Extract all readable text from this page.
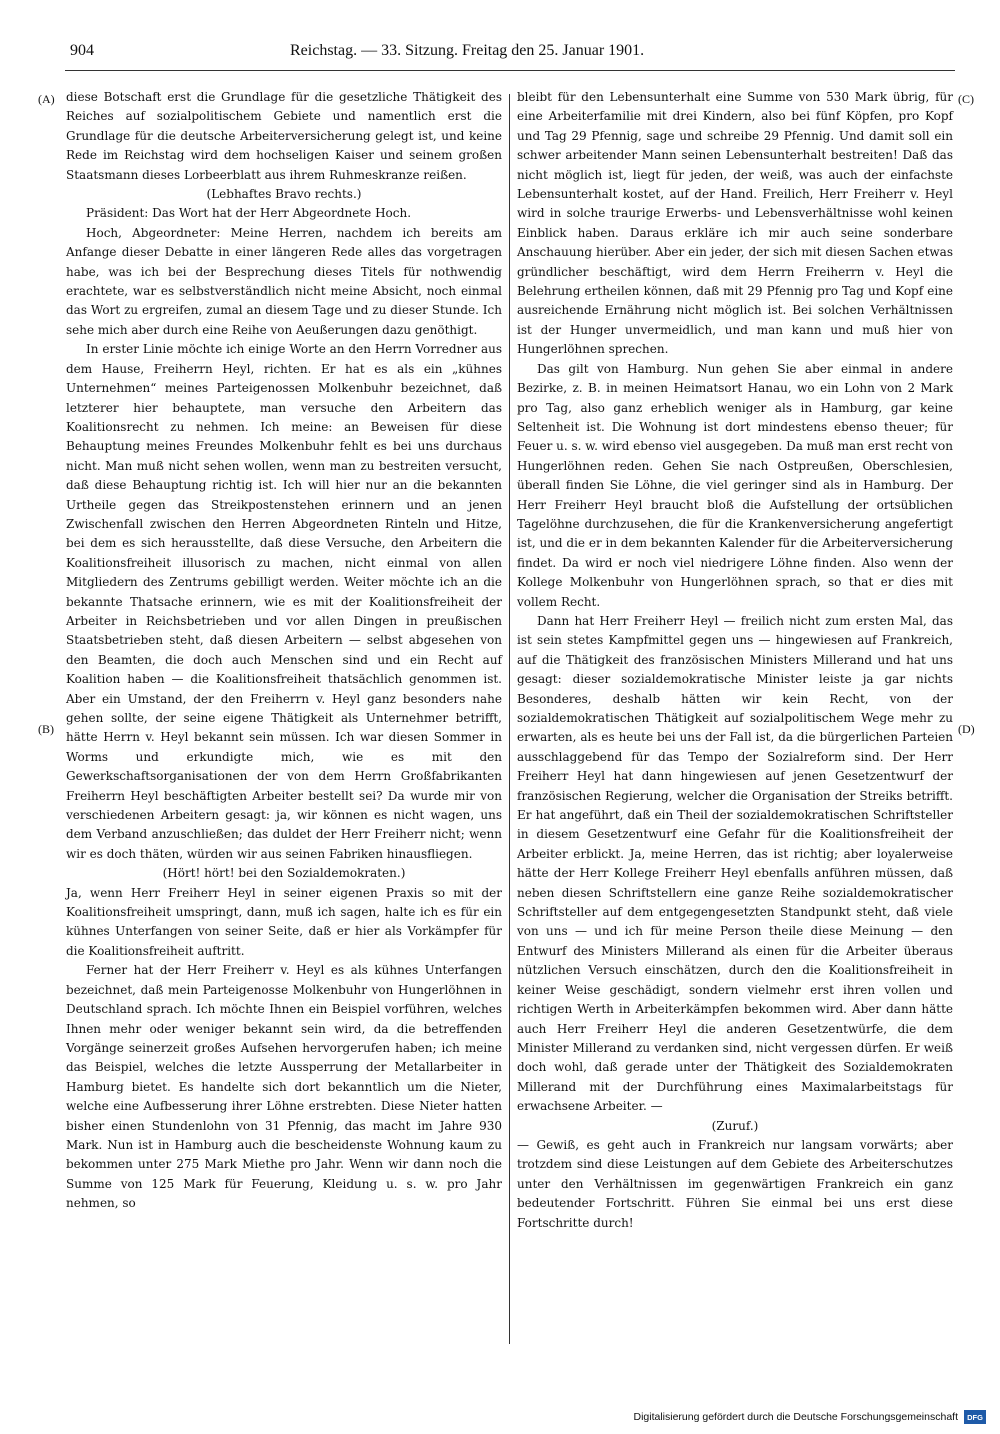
904	Reichstag. — 33. Sitzung. Freitag den 25. Januar 1901.
(A)
(B)
(C)
(D)

diese Botschaft erst die Grundlage für die gesetzliche Thätigkeit des Reiches auf sozialpolitischem Gebiete und namentlich erst die Grundlage für die deutsche Arbeiterversicherung gelegt ist, und keine Rede im Reichstag wird dem hochseligen Kaiser und seinem großen Staatsmann dieses Lorbeerblatt aus ihrem Ruhmeskranze reißen.

(Lebhaftes Bravo rechts.)

Präsident: Das Wort hat der Herr Abgeordnete Hoch.

Hoch, Abgeordneter: Meine Herren, nachdem ich bereits am Anfange dieser Debatte in einer längeren Rede alles das vorgetragen habe, was ich bei der Besprechung dieses Titels für nothwendig erachtete, war es selbstverständlich nicht meine Absicht, noch einmal das Wort zu ergreifen, zumal an diesem Tage und zu dieser Stunde. Ich sehe mich aber durch eine Reihe von Aeußerungen dazu genöthigt.

In erster Linie möchte ich einige Worte an den Herrn Vorredner aus dem Hause, Freiherrn Heyl, richten. Er hat es als ein „kühnes Unternehmen“ meines Parteigenossen Molkenbuhr bezeichnet, daß letzterer hier behauptete, man versuche den Arbeitern das Koalitionsrecht zu nehmen. Ich meine: an Beweisen für diese Behauptung meines Freundes Molkenbuhr fehlt es bei uns durchaus nicht. Man muß nicht sehen wollen, wenn man zu bestreiten versucht, daß diese Behauptung richtig ist. Ich will hier nur an die bekannten Urtheile gegen das Streikpostenstehen erinnern und an jenen Zwischenfall zwischen den Herren Abgeordneten Rinteln und Hitze, bei dem es sich herausstellte, daß diese Versuche, den Arbeitern die Koalitionsfreiheit illusorisch zu machen, nicht einmal von allen Mitgliedern des Zentrums gebilligt werden. Weiter möchte ich an die bekannte Thatsache erinnern, wie es mit der Koalitionsfreiheit der Arbeiter in Reichsbetrieben und vor allen Dingen in preußischen Staatsbetrieben steht, daß diesen Arbeitern — selbst abgesehen von den Beamten, die doch auch Menschen sind und ein Recht auf Koalition haben — die Koalitionsfreiheit thatsächlich genommen ist. Aber ein Umstand, der den Freiherrn v. Heyl ganz besonders nahe gehen sollte, der seine eigene Thätigkeit als Unternehmer betrifft, hätte Herrn v. Heyl bekannt sein müssen. Ich war diesen Sommer in Worms und erkundigte mich, wie es mit den Gewerkschaftsorganisationen der von dem Herrn Großfabrikanten Freiherrn Heyl beschäftigten Arbeiter bestellt sei? Da wurde mir von verschiedenen Arbeitern gesagt: ja, wir können es nicht wagen, uns dem Verband anzuschließen; das duldet der Herr Freiherr nicht; wenn wir es doch thäten, würden wir aus seinen Fabriken hinausfliegen.

(Hört! hört! bei den Sozialdemokraten.)

Ja, wenn Herr Freiherr Heyl in seiner eigenen Praxis so mit der Koalitionsfreiheit umspringt, dann, muß ich sagen, halte ich es für ein kühnes Unterfangen von seiner Seite, daß er hier als Vorkämpfer für die Koalitionsfreiheit auftritt.

Ferner hat der Herr Freiherr v. Heyl es als kühnes Unterfangen bezeichnet, daß mein Parteigenosse Molkenbuhr von Hungerlöhnen in Deutschland sprach. Ich möchte Ihnen ein Beispiel vorführen, welches Ihnen mehr oder weniger bekannt sein wird, da die betreffenden Vorgänge seinerzeit großes Aufsehen hervorgerufen haben; ich meine das Beispiel, welches die letzte Aussperrung der Metallarbeiter in Hamburg bietet. Es handelte sich dort bekanntlich um die Nieter, welche eine Aufbesserung ihrer Löhne erstrebten. Diese Nieter hatten bisher einen Stundenlohn von 31 Pfennig, das macht im Jahre 930 Mark. Nun ist in Hamburg auch die bescheidenste Wohnung kaum zu bekommen unter 275 Mark Miethe pro Jahr. Wenn wir dann noch die Summe von 125 Mark für Feuerung, Kleidung u. s. w. pro Jahr nehmen, so

bleibt für den Lebensunterhalt eine Summe von 530 Mark übrig, für eine Arbeiterfamilie mit drei Kindern, also bei fünf Köpfen, pro Kopf und Tag 29 Pfennig, sage und schreibe 29 Pfennig. Und damit soll ein schwer arbeitender Mann seinen Lebensunterhalt bestreiten! Daß das nicht möglich ist, liegt für jeden, der weiß, was auch der einfachste Lebensunterhalt kostet, auf der Hand. Freilich, Herr Freiherr v. Heyl wird in solche traurige Erwerbs- und Lebensverhältnisse wohl keinen Einblick haben. Daraus erkläre ich mir auch seine sonderbare Anschauung hierüber. Aber ein jeder, der sich mit diesen Sachen etwas gründlicher beschäftigt, wird dem Herrn Freiherrn v. Heyl die Belehrung ertheilen können, daß mit 29 Pfennig pro Tag und Kopf eine ausreichende Ernährung nicht möglich ist. Bei solchen Verhältnissen ist der Hunger unvermeidlich, und man kann und muß hier von Hungerlöhnen sprechen.

Das gilt von Hamburg. Nun gehen Sie aber einmal in andere Bezirke, z. B. in meinen Heimatsort Hanau, wo ein Lohn von 2 Mark pro Tag, also ganz erheblich weniger als in Hamburg, gar keine Seltenheit ist. Die Wohnung ist dort mindestens ebenso theuer; für Feuer u. s. w. wird ebenso viel ausgegeben. Da muß man erst recht von Hungerlöhnen reden. Gehen Sie nach Ostpreußen, Oberschlesien, überall finden Sie Löhne, die viel geringer sind als in Hamburg. Der Herr Freiherr Heyl braucht bloß die Aufstellung der ortsüblichen Tagelöhne durchzusehen, die für die Krankenversicherung angefertigt ist, und die er in dem bekannten Kalender für die Arbeiterversicherung findet. Da wird er noch viel niedrigere Löhne finden. Also wenn der Kollege Molkenbuhr von Hungerlöhnen sprach, so that er dies mit vollem Recht.

Dann hat Herr Freiherr Heyl — freilich nicht zum ersten Mal, das ist sein stetes Kampfmittel gegen uns — hingewiesen auf Frankreich, auf die Thätigkeit des französischen Ministers Millerand und hat uns gesagt: dieser sozialdemokratische Minister leiste ja gar nichts Besonderes, deshalb hätten wir kein Recht, von der sozialdemokratischen Thätigkeit auf sozialpolitischem Wege mehr zu erwarten, als es heute bei uns der Fall ist, da die bürgerlichen Parteien ausschlaggebend für das Tempo der Sozialreform sind. Der Herr Freiherr Heyl hat dann hingewiesen auf jenen Gesetzentwurf der französischen Regierung, welcher die Organisation der Streiks betrifft. Er hat angeführt, daß ein Theil der sozialdemokratischen Schriftsteller in diesem Gesetzentwurf eine Gefahr für die Koalitionsfreiheit der Arbeiter erblickt. Ja, meine Herren, das ist richtig; aber loyalerweise hätte der Herr Kollege Freiherr Heyl ebenfalls anführen müssen, daß neben diesen Schriftstellern eine ganze Reihe sozialdemokratischer Schriftsteller auf dem entgegengesetzten Standpunkt steht, daß viele von uns — und ich für meine Person theile diese Meinung — den Entwurf des Ministers Millerand als einen für die Arbeiter überaus nützlichen Versuch einschätzen, durch den die Koalitionsfreiheit in keiner Weise geschädigt, sondern vielmehr erst ihren vollen und richtigen Werth in Arbeiterkämpfen bekommen wird. Aber dann hätte auch Herr Freiherr Heyl die anderen Gesetzentwürfe, die dem Minister Millerand zu verdanken sind, nicht vergessen dürfen. Er weiß doch wohl, daß gerade unter der Thätigkeit des Sozialdemokraten Millerand mit der Durchführung eines Maximalarbeitstags für erwachsene Arbeiter. —

(Zuruf.)

— Gewiß, es geht auch in Frankreich nur langsam vorwärts; aber trotzdem sind diese Leistungen auf dem Gebiete des Arbeiterschutzes unter den Verhältnissen im gegenwärtigen Frankreich ein ganz bedeutender Fortschritt. Führen Sie einmal bei uns erst diese Fortschritte durch!

Digitalisierung gefördert durch die Deutsche Forschungsgemeinschaft	DFG
